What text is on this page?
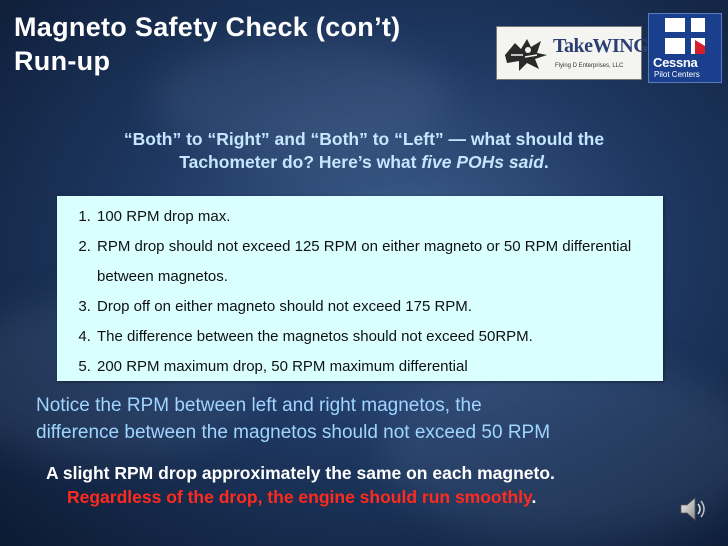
Magneto Safety Check (con’t)
Run-up	TakeWING
Flying D Enterprises, LLC Cessna
Pilot Centers
“Both” to “Right” and “Both” to “Left” — what should the
Tachometer do? Here’s what five POHs said.
1. 100 RPM drop max.
2. RPM drop should not exceed 125 RPM on either magneto or 50 RPM differential between magnetos.
3. Drop off on either magneto should not exceed 175 RPM.
4. The difference between the magnetos should not exceed 50RPM.
5. 200 RPM maximum drop, 50 RPM maximum differential
Notice the RPM between left and right magnetos, the
difference between the magnetos should not exceed 50 RPM
A slight RPM drop approximately the same on each magneto.
Regardless of the drop, the engine should run smoothly.
